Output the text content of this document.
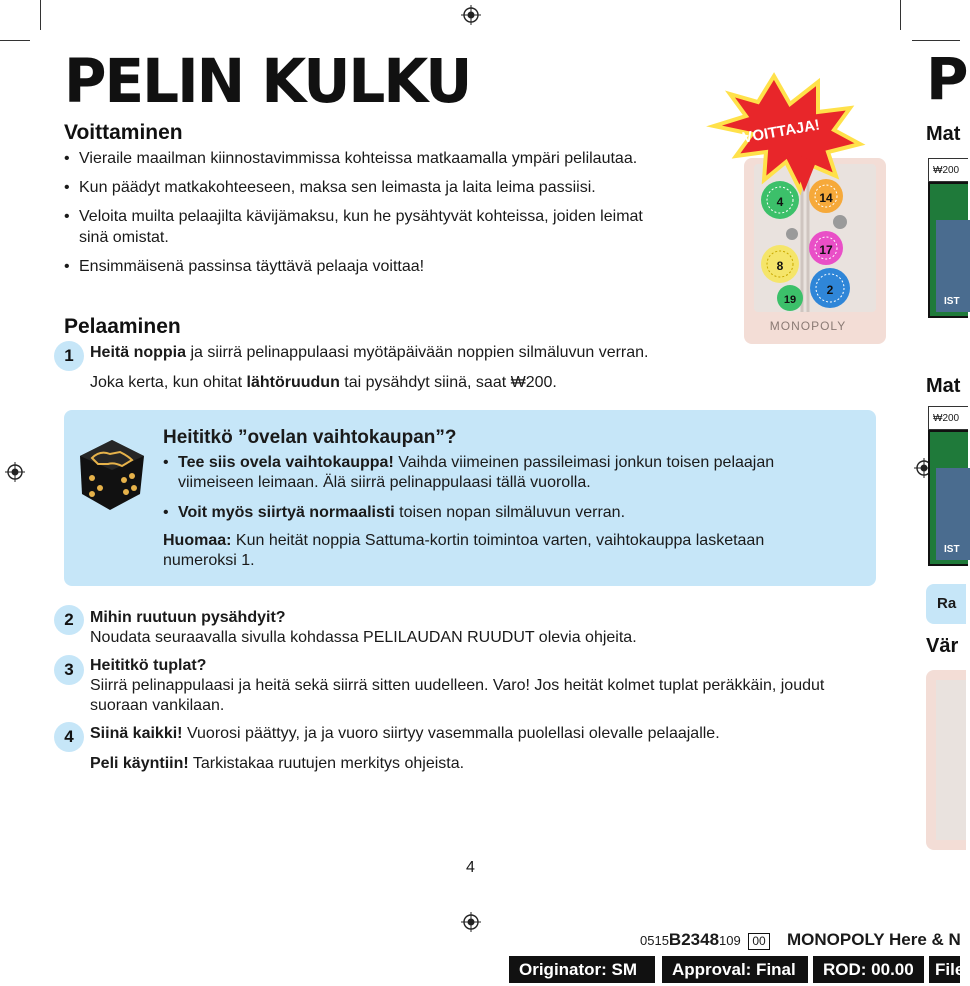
PELIN KULKU
Voittaminen
• Vieraile maailman kiinnostavimmissa kohteissa matkaamalla ympäri pelilautaa.
• Kun päädyt matkakohteeseen, maksa sen leimasta ja laita leima passiisi.
• Veloita muilta pelaajilta kävijämaksu, kun he pysähtyvät kohteissa, joiden leimat sinä omistat.
• Ensimmäisenä passinsa täyttävä pelaaja voittaa!
4	14
8
17
19
2
MONOPOLY
VOITTAJA!
Pelaaminen
1	Heitä noppia ja siirrä pelinappulaasi myötäpäivään noppien silmäluvun verran.
Joka kerta, kun ohitat lähtöruudun tai pysähdyt siinä, saat ₩200.
Heititkö ”ovelan vaihtokaupan”?
• Tee siis ovela vaihtokauppa! Vaihda viimeinen passileimasi jonkun toisen pelaajan viimeiseen leimaan. Älä siirrä pelinappulaasi tällä vuorolla.
• Voit myös siirtyä normaalisti toisen nopan silmäluvun verran.
Huomaa: Kun heität noppia Sattuma-kortin toimintoa varten, vaihtokauppa lasketaan numeroksi 1.
2	Mihin ruutuun pysähdyit?
Noudata seuraavalla sivulla kohdassa PELILAUDAN RUUDUT olevia ohjeita.
3	Heititkö tuplat?
Siirrä pelinappulaasi ja heitä sekä siirrä sitten uudelleen. Varo! Jos heität kolmet tuplat peräkkäin, joudut suoraan vankilaan.
4	Siinä kaikki! Vuorosi päättyy, ja ja vuoro siirtyy vasemmalla puolellasi olevalle pelaajalle.
Peli käyntiin! Tarkistakaa ruutujen merkitys ohjeista.
4
P
Mat
₩200
IST
Mat
₩200
IST
Ra
Vär
0515B2348109 00 MONOPOLY Here & N
Originator: SM	Approval: Final	ROD: 00.00	File
